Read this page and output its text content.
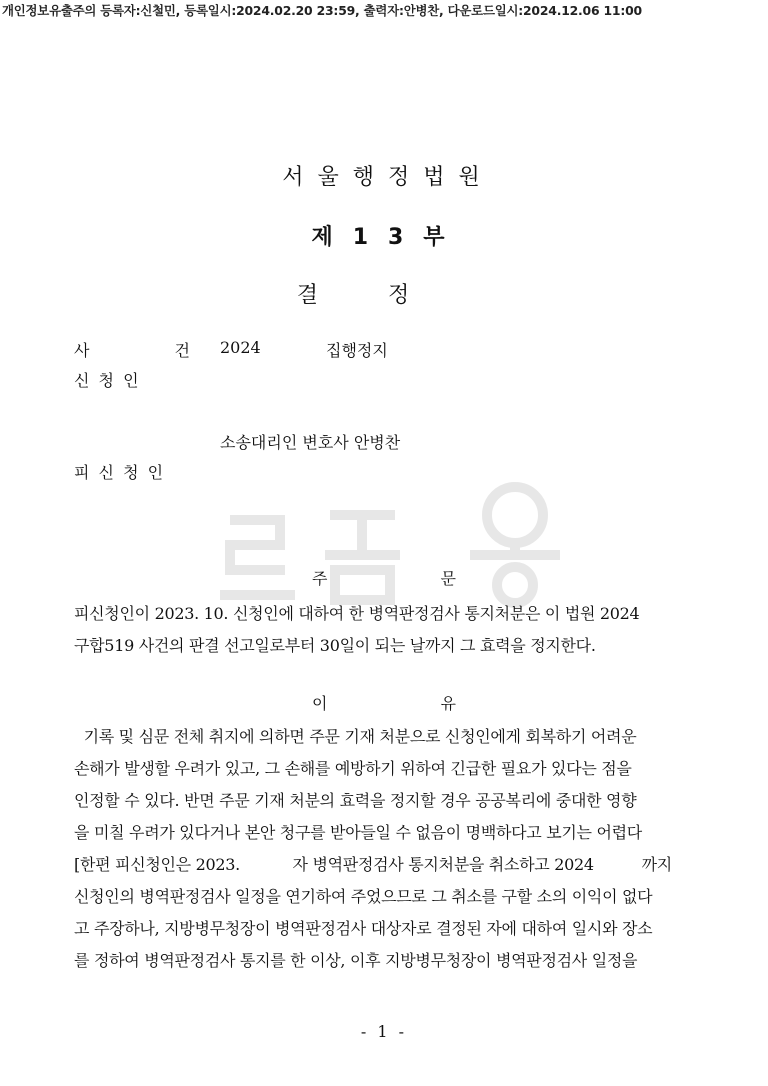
개인정보유출주의 등록자:신철민, 등록일시:2024.02.20 23:59, 출력자:안병찬, 다운로드일시:2024.12.06 11:00
서울행정법원
제13부
결정
사 건
2024	집행정지
신 청 인
소송대리인 변호사 안병찬
피 신 청 인
주 문
피신청인이 2023. 10. 신청인에 대하여 한 병역판정검사 통지처분은 이 법원 2024
구합519 사건의 판결 선고일로부터 30일이 되는 날까지 그 효력을 정지한다.
이 유
기록 및 심문 전체 취지에 의하면 주문 기재 처분으로 신청인에게 회복하기 어려운
손해가 발생할 우려가 있고, 그 손해를 예방하기 위하여 긴급한 필요가 있다는 점을
인정할 수 있다. 반면 주문 기재 처분의 효력을 정지할 경우 공공복리에 중대한 영향
을 미칠 우려가 있다거나 본안 청구를 받아들일 수 없음이 명백하다고 보기는 어렵다
[한편 피신청인은 2023.           자 병역판정검사 통지처분을 취소하고 2024          까지
신청인의 병역판정검사 일정을 연기하여 주었으므로 그 취소를 구할 소의 이익이 없다
고 주장하나, 지방병무청장이 병역판정검사 대상자로 결정된 자에 대하여 일시와 장소
를 정하여 병역판정검사 통지를 한 이상, 이후 지방병무청장이 병역판정검사 일정을
- 1 -
